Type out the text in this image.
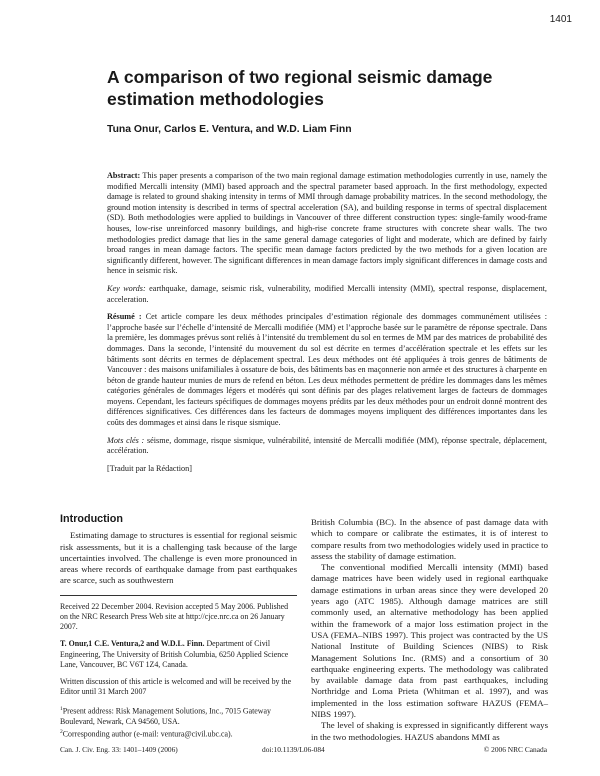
1401
A comparison of two regional seismic damage estimation methodologies
Tuna Onur, Carlos E. Ventura, and W.D. Liam Finn

Abstract: This paper presents a comparison of the two main regional damage estimation methodologies currently in use, namely the modified Mercalli intensity (MMI) based approach and the spectral parameter based approach. In the first methodology, expected damage is related to ground shaking intensity in terms of MMI through damage probability matrices. In the second methodology, the ground motion intensity is described in terms of spectral acceleration (SA), and building response in terms of spectral displacement (SD). Both methodologies were applied to buildings in Vancouver of three different construction types: single-family wood-frame houses, low-rise unreinforced masonry buildings, and high-rise concrete frame structures with concrete shear walls. The two methodologies predict damage that lies in the same general damage categories of light and moderate, which are defined by fairly broad ranges in mean damage factors. The specific mean damage factors predicted by the two methods for a given location are significantly different, however. The significant differences in mean damage factors imply significant differences in damage costs and hence in seismic risk.

Key words: earthquake, damage, seismic risk, vulnerability, modified Mercalli intensity (MMI), spectral response, displacement, acceleration.

Résumé : Cet article compare les deux méthodes principales d’estimation régionale des dommages communément utilisées : l’approche basée sur l’échelle d’intensité de Mercalli modifiée (MM) et l’approche basée sur le paramètre de réponse spectrale. Dans la première, les dommages prévus sont reliés à l’intensité du tremblement du sol en termes de MM par des matrices de probabilité des dommages. Dans la seconde, l’intensité du mouvement du sol est décrite en termes d’accélération spectrale et les effets sur les bâtiments sont décrits en termes de déplacement spectral. Les deux méthodes ont été appliquées à trois genres de bâtiments de Vancouver : des maisons unifamiliales à ossature de bois, des bâtiments bas en maçonnerie non armée et des structures à charpente en béton de grande hauteur munies de murs de refend en béton. Les deux méthodes permettent de prédire les dommages dans les mêmes catégories générales de dommages légers et modérés qui sont définis par des plages relativement larges de facteurs de dommages moyens. Cependant, les facteurs spécifiques de dommages moyens prédits par les deux méthodes pour un endroit donné montrent des différences significatives. Ces différences dans les facteurs de dommages moyens impliquent des différences importantes dans les coûts des dommages et ainsi dans le risque sismique.

Mots clés : séisme, dommage, risque sismique, vulnérabilité, intensité de Mercalli modifiée (MM), réponse spectrale, déplacement, accélération.

[Traduit par la Rédaction]

Introduction

Estimating damage to structures is essential for regional seismic risk assessments, but it is a challenging task because of the large uncertainties involved. The challenge is even more pronounced in areas where records of earthquake damage from past earthquakes are scarce, such as southwestern

Received 22 December 2004. Revision accepted 5 May 2006. Published on the NRC Research Press Web site at http://cjce.nrc.ca on 26 January 2007.

T. Onur,1 C.E. Ventura,2 and W.D.L. Finn. Department of Civil Engineering, The University of British Columbia, 6250 Applied Science Lane, Vancouver, BC V6T 1Z4, Canada.

Written discussion of this article is welcomed and will be received by the Editor until 31 March 2007

$^1$Present address: Risk Management Solutions, Inc., 7015 Gateway Boulevard, Newark, CA 94560, USA.

$^2$Corresponding author (e-mail: ventura@civil.ubc.ca).

British Columbia (BC). In the absence of past damage data with which to compare or calibrate the estimates, it is of interest to compare results from two methodologies widely used in practice to assess the stability of damage estimation.

The conventional modified Mercalli intensity (MMI) based damage matrices have been widely used in regional earthquake damage estimations in urban areas since they were developed 20 years ago (ATC 1985). Although damage matrices are still commonly used, an alternative methodology has been applied within the framework of a major loss estimation project in the USA (FEMA–NIBS 1997). This project was contracted by the US National Institute of Building Sciences (NIBS) to Risk Management Solutions Inc. (RMS) and a consortium of 30 earthquake engineering experts. The methodology was calibrated by available damage data from past earthquakes, including Northridge and Loma Prieta (Whitman et al. 1997), and was implemented in the loss estimation software HAZUS (FEMA–NIBS 1997).

The level of shaking is expressed in significantly different ways in the two methodologies. HAZUS abandons MMI as

Can. J. Civ. Eng. 33: 1401–1409 (2006)	doi:10.1139/L06-084	© 2006 NRC Canada
